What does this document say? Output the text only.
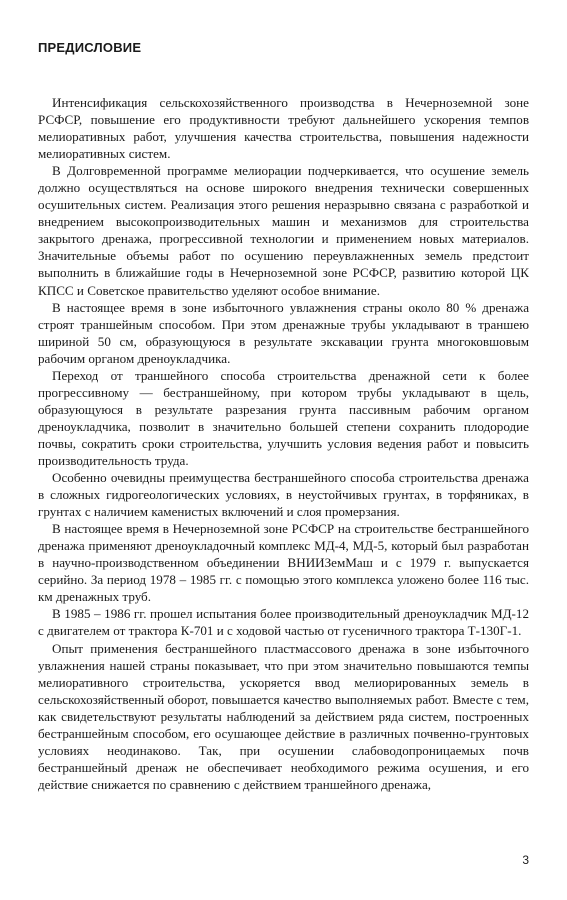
ПРЕДИСЛОВИЕ

Интенсификация сельскохозяйственного производства в Нечерноземной зоне РСФСР, повышение его продуктивности требуют дальнейшего ускорения темпов мелиоративных работ, улучшения качества строительства, повышения надежности мелиоративных систем.

В Долговременной программе мелиорации подчеркивается, что осушение земель должно осуществляться на основе широкого внедрения технически совершенных осушительных систем. Реализация этого решения неразрывно связана с разработкой и внедрением высокопроизводительных машин и механизмов для строительства закрытого дренажа, прогрессивной технологии и применением новых материалов. Значительные объемы работ по осушению переувлажненных земель предстоит выполнить в ближайшие годы в Нечерноземной зоне РСФСР, развитию которой ЦК КПСС и Советское правительство уделяют особое внимание.

В настоящее время в зоне избыточного увлажнения страны около 80 % дренажа строят траншейным способом. При этом дренажные трубы укладывают в траншею шириной 50 см, образующуюся в результате экскавации грунта многоковшовым рабочим органом дреноукладчика.

Переход от траншейного способа строительства дренажной сети к более прогрессивному — бестраншейному, при котором трубы укладывают в щель, образующуюся в результате разрезания грунта пассивным рабочим органом дреноукладчика, позволит в значительно большей степени сохранить плодородие почвы, сократить сроки строительства, улучшить условия ведения работ и повысить производительность труда.

Особенно очевидны преимущества бестраншейного способа строительства дренажа в сложных гидрогеологических условиях, в неустойчивых грунтах, в торфяниках, в грунтах с наличием каменистых включений и слоя промерзания.

В настоящее время в Нечерноземной зоне РСФСР на строительстве бестраншейного дренажа применяют дреноукладочный комплекс МД-4, МД-5, который был разработан в научно-производственном объединении ВНИИЗемМаш и с 1979 г. выпускается серийно. За период 1978 – 1985 гг. с помощью этого комплекса уложено более 116 тыс. км дренажных труб.

В 1985 – 1986 гг. прошел испытания более производительный дреноукладчик МД-12 с двигателем от трактора К-701 и с ходовой частью от гусеничного трактора Т-130Г-1.

Опыт применения бестраншейного пластмассового дренажа в зоне избыточного увлажнения нашей страны показывает, что при этом значительно повышаются темпы мелиоративного строительства, ускоряется ввод мелиорированных земель в сельскохозяйственный оборот, повышается качество выполняемых работ. Вместе с тем, как свидетельствуют результаты наблюдений за действием ряда систем, построенных бестраншейным способом, его осушающее действие в различных почвенно-грунтовых условиях неодинаково. Так, при осушении слабоводопроницаемых почв бестраншейный дренаж не обеспечивает необходимого режима осушения, и его действие снижается по сравнению с действием траншейного дренажа,

3
